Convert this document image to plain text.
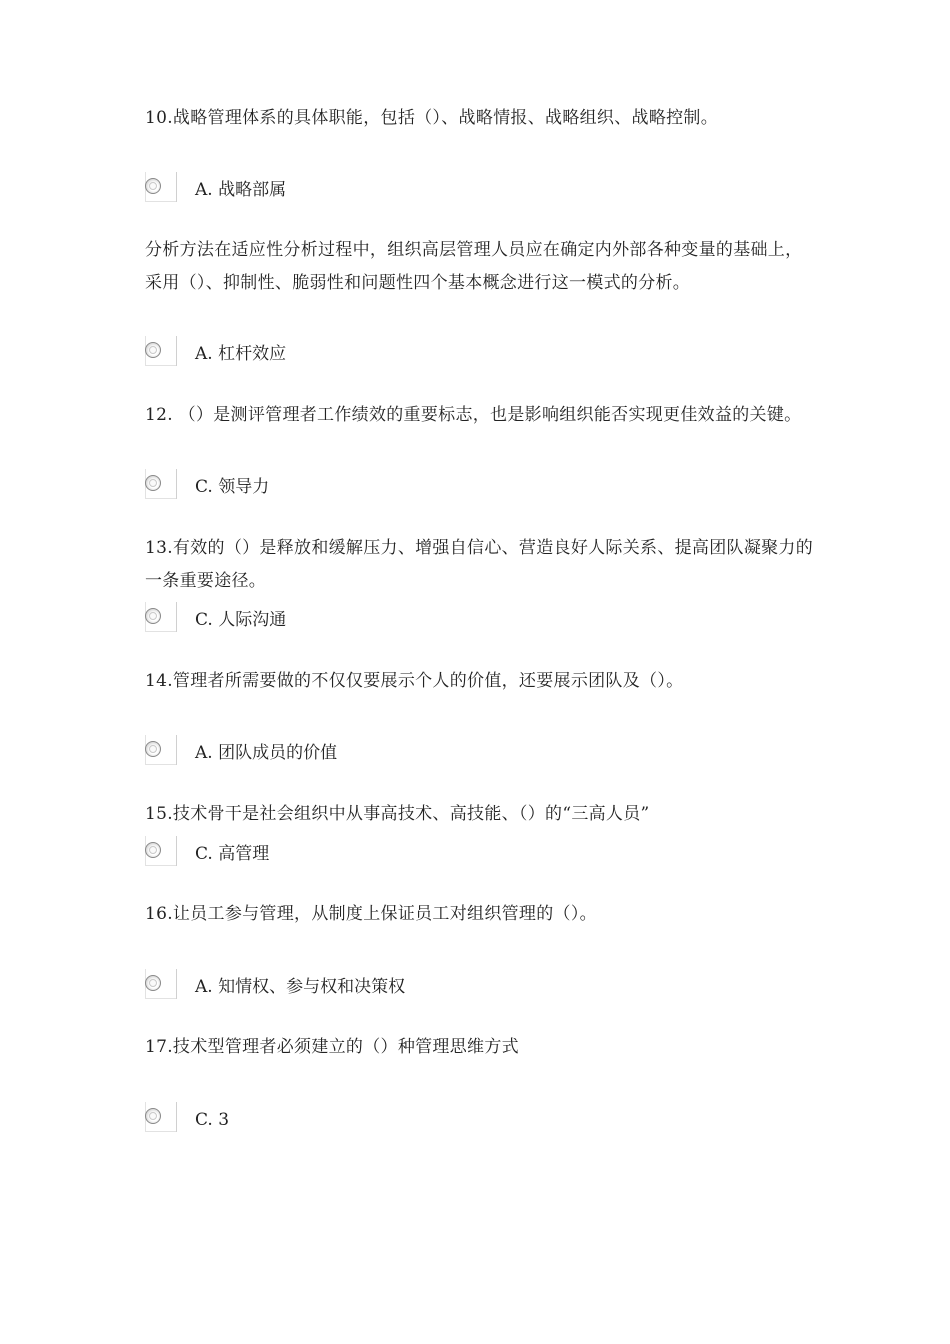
10.战略管理体系的具体职能，包括（）、战略情报、战略组织、战略控制。
A. 战略部属
分析方法在适应性分析过程中，组织高层管理人员应在确定内外部各种变量的基础上，采用（）、抑制性、脆弱性和问题性四个基本概念进行这一模式的分析。
A. 杠杆效应
12. （）是测评管理者工作绩效的重要标志，也是影响组织能否实现更佳效益的关键。
C. 领导力
13.有效的（）是释放和缓解压力、增强自信心、营造良好人际关系、提高团队凝聚力的一条重要途径。
C. 人际沟通
14.管理者所需要做的不仅仅要展示个人的价值，还要展示团队及（）。
A. 团队成员的价值
15.技术骨干是社会组织中从事高技术、高技能、（）的“三高人员”
C. 高管理
16.让员工参与管理，从制度上保证员工对组织管理的（）。
A. 知情权、参与权和决策权
17.技术型管理者必须建立的（）种管理思维方式
C. 3
